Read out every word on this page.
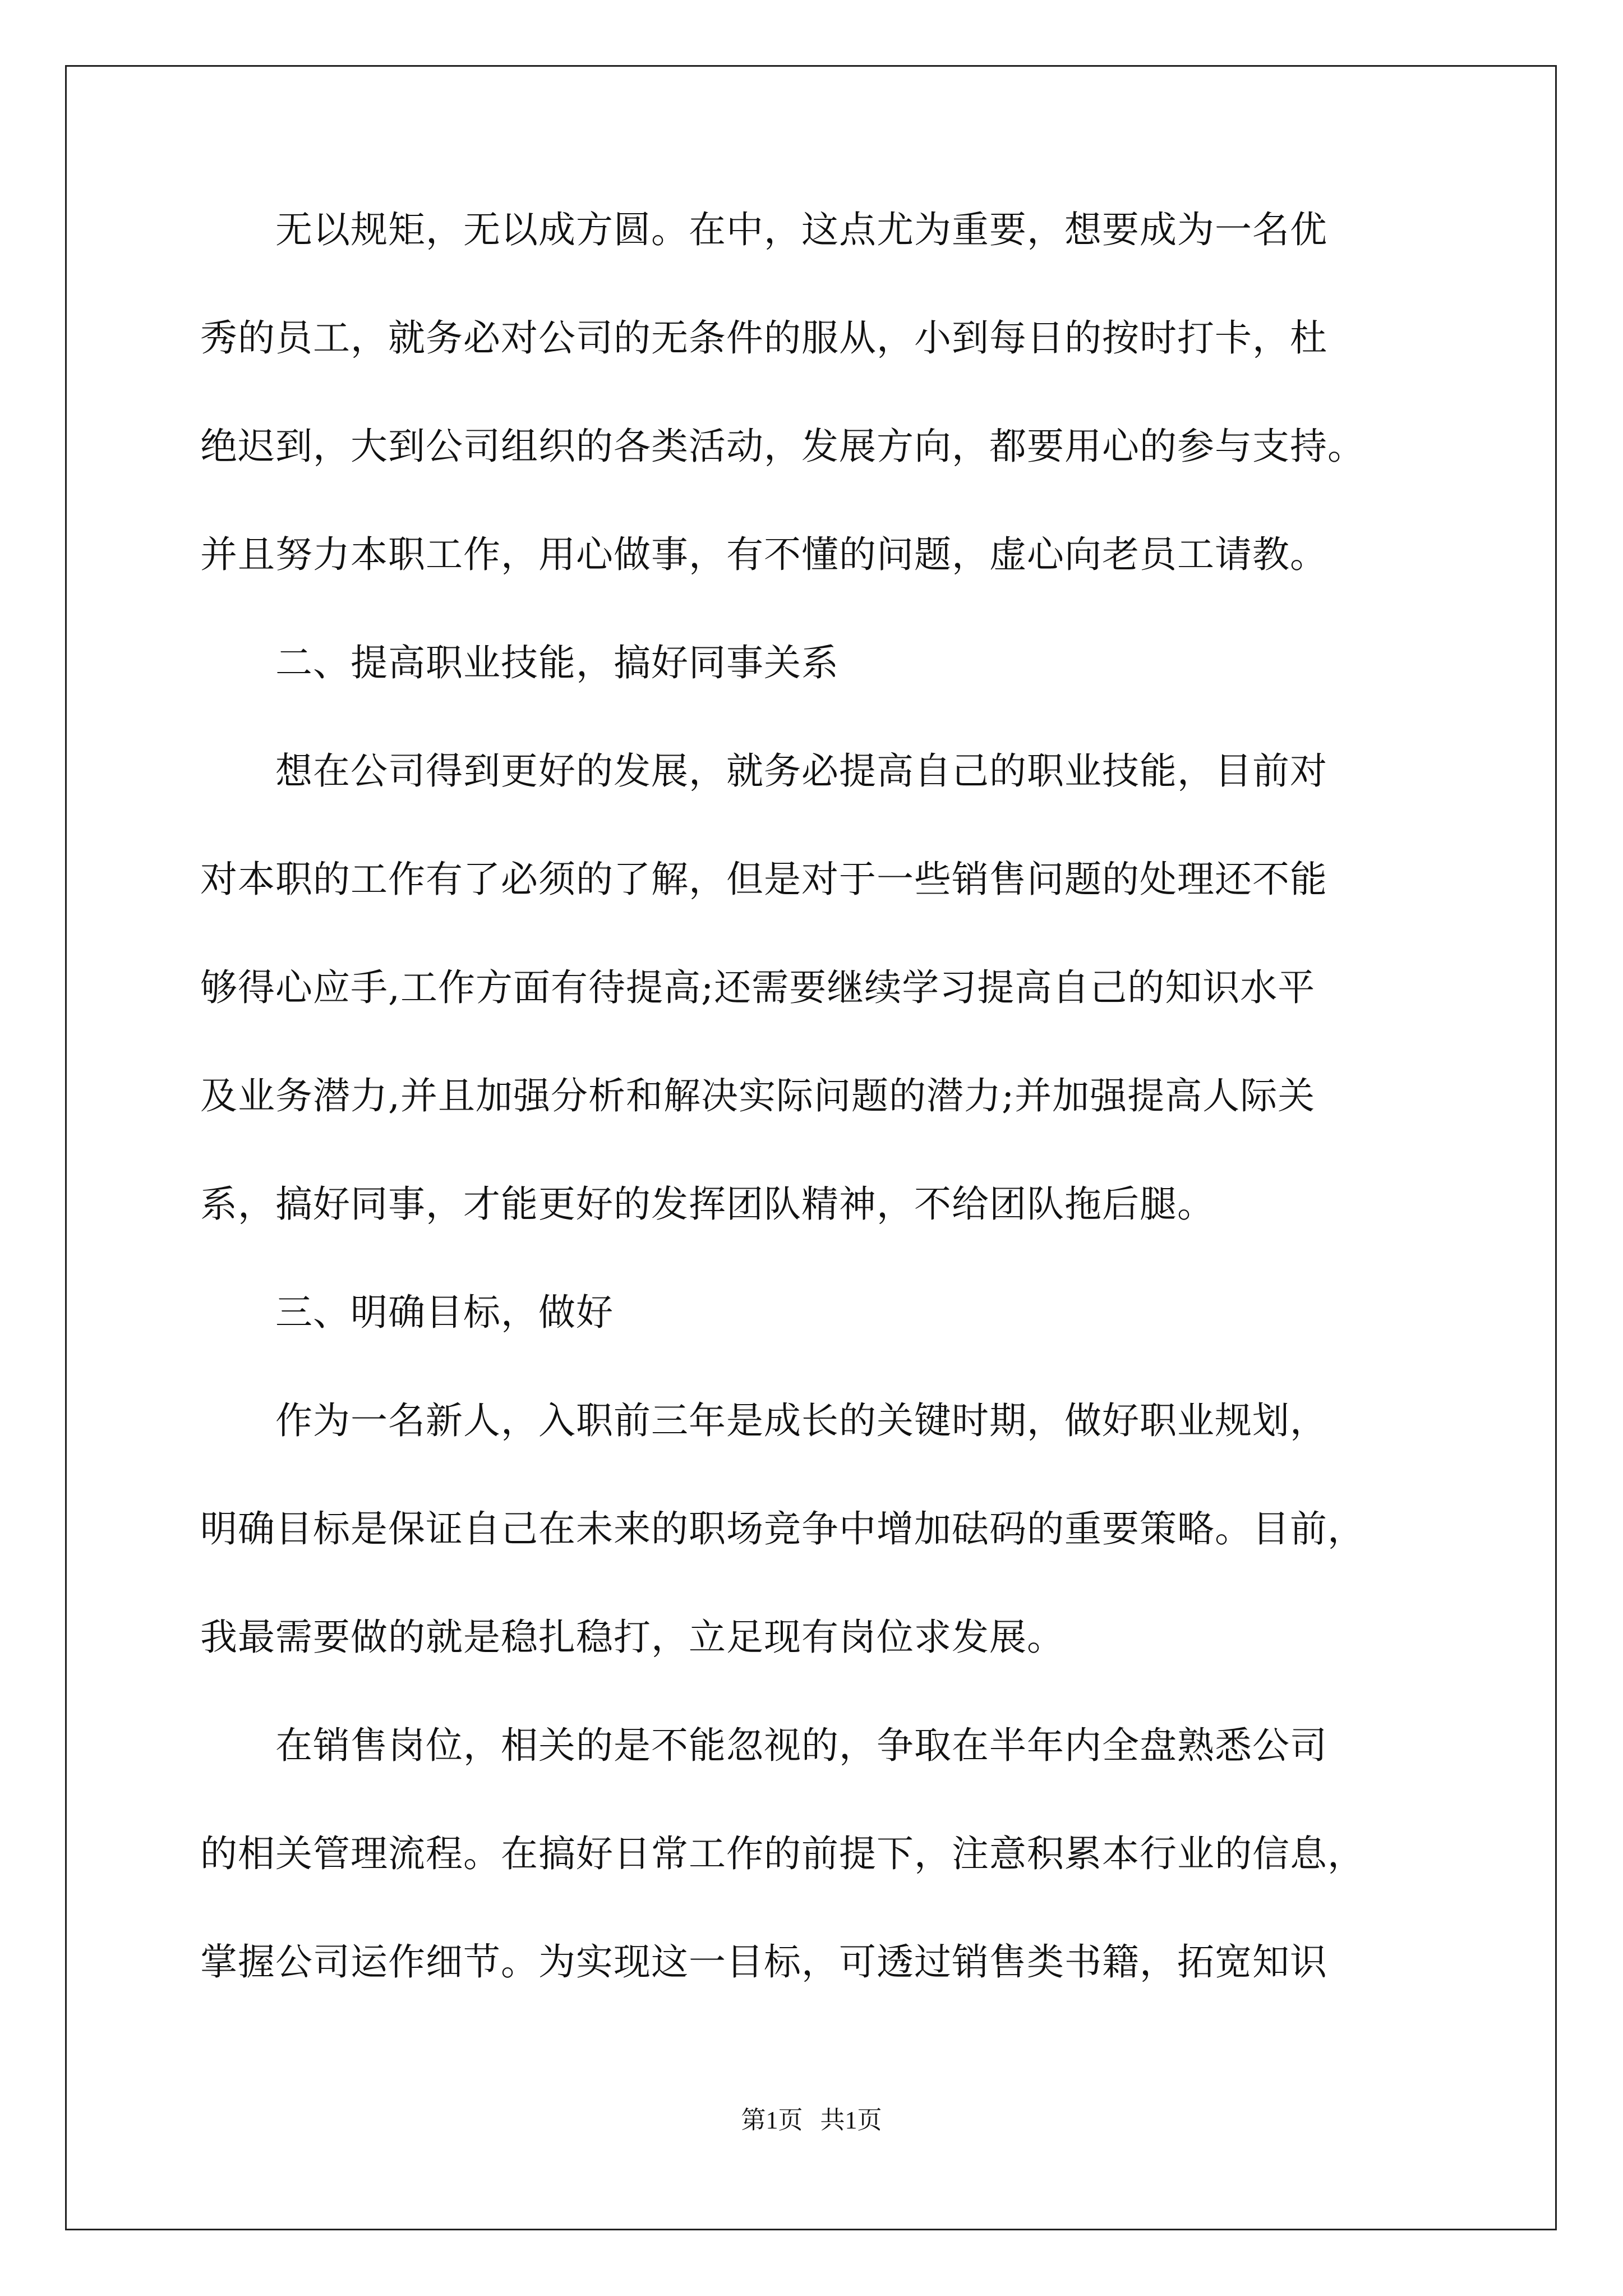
　　无以规矩，无以成方圆。在中，这点尤为重要，想要成为一名优
秀的员工，就务必对公司的无条件的服从，小到每日的按时打卡，杜
绝迟到，大到公司组织的各类活动，发展方向，都要用心的参与支持。
并且努力本职工作，用心做事，有不懂的问题，虚心向老员工请教。
　　二、提高职业技能，搞好同事关系
　　想在公司得到更好的发展，就务必提高自己的职业技能，目前对
对本职的工作有了必须的了解，但是对于一些销售问题的处理还不能
够得心应手,工作方面有待提高;还需要继续学习提高自己的知识水平
及业务潜力,并且加强分析和解决实际问题的潜力;并加强提高人际关
系，搞好同事，才能更好的发挥团队精神，不给团队拖后腿。
　　三、明确目标，做好
　　作为一名新人，入职前三年是成长的关键时期，做好职业规划，
明确目标是保证自己在未来的职场竞争中增加砝码的重要策略。目前，
我最需要做的就是稳扎稳打，立足现有岗位求发展。
　　在销售岗位，相关的是不能忽视的，争取在半年内全盘熟悉公司
的相关管理流程。在搞好日常工作的前提下，注意积累本行业的信息，
掌握公司运作细节。为实现这一目标，可透过销售类书籍，拓宽知识
第1页 共1页
